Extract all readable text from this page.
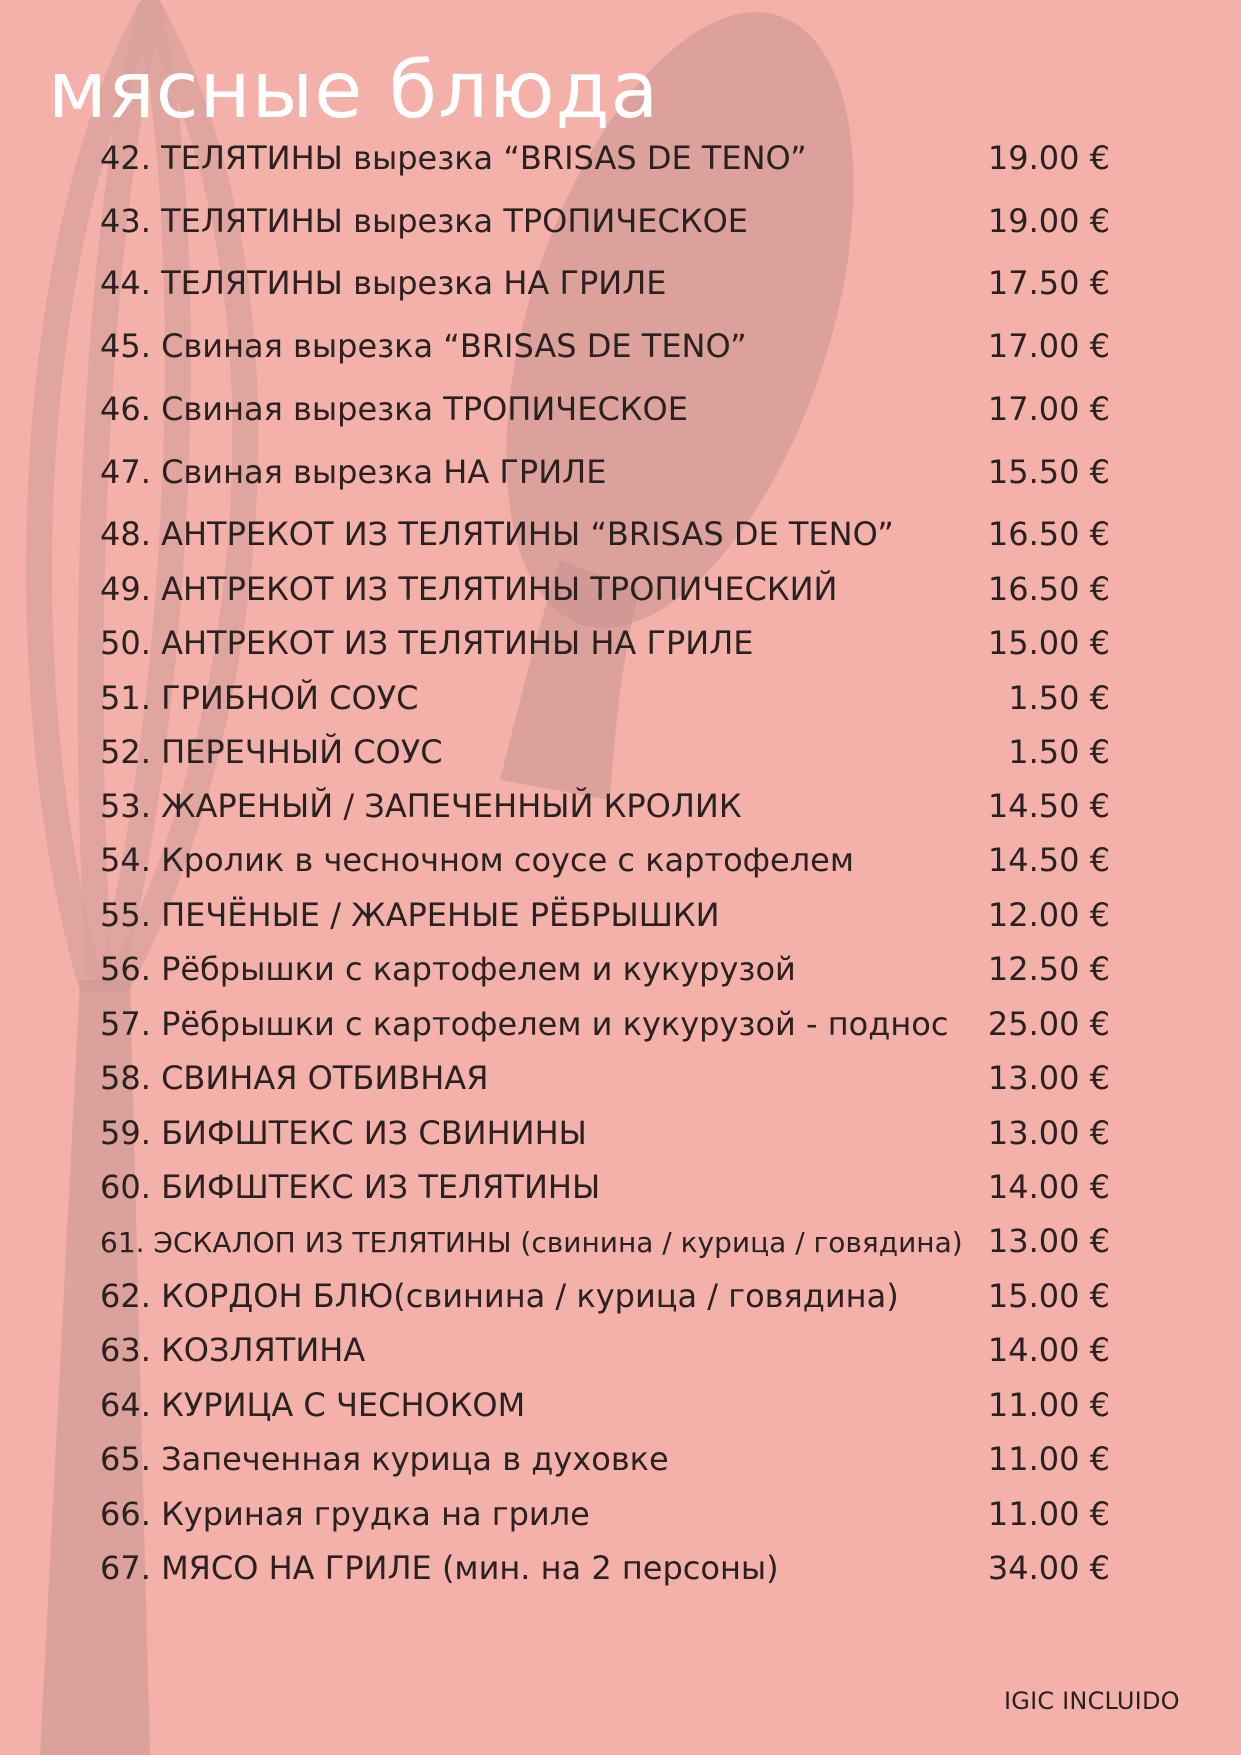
мясные блюда
42. ТЕЛЯТИНЫ вырезка “BRISAS DE TENO”	19.00 €
43. ТЕЛЯТИНЫ вырезка ТРОПИЧЕСКОЕ	19.00 €
44. ТЕЛЯТИНЫ вырезка НА ГРИЛЕ	17.50 €
45. Свиная вырезка “BRISAS DE TENO”	17.00 €
46. Свиная вырезка ТРОПИЧЕСКОЕ	17.00 €
47. Свиная вырезка НА ГРИЛЕ	15.50 €
48. АНТРЕКОТ ИЗ ТЕЛЯТИНЫ “BRISAS DE TENO”	16.50 €
49. АНТРЕКОТ ИЗ ТЕЛЯТИНЫ ТРОПИЧЕСКИЙ	16.50 €
50. АНТРЕКОТ ИЗ ТЕЛЯТИНЫ НА ГРИЛЕ	15.00 €
51. ГРИБНОЙ СОУС	1.50 €
52. ПЕРЕЧНЫЙ СОУС	1.50 €
53. ЖАРЕНЫЙ / ЗАПЕЧЕННЫЙ КРОЛИК	14.50 €
54. Кролик в чесночном соусе с картофелем	14.50 €
55. ПЕЧЁНЫЕ / ЖАРЕНЫЕ РЁБРЫШКИ	12.00 €
56. Рёбрышки с картофелем и кукурузой	12.50 €
57. Рёбрышки с картофелем и кукурузой - поднос	25.00 €
58. СВИНАЯ ОТБИВНАЯ	13.00 €
59. БИФШТЕКС ИЗ СВИНИНЫ	13.00 €
60. БИФШТЕКС ИЗ ТЕЛЯТИНЫ	14.00 €
61. ЭСКАЛОП ИЗ ТЕЛЯТИНЫ (свинина / курица / говядина) 13.00 €
62. КОРДОН БЛЮ(свинина / курица / говядина)	15.00 €
63. КОЗЛЯТИНА	14.00 €
64. КУРИЦА С ЧЕСНОКОМ	11.00 €
65. Запеченная курица в духовке	11.00 €
66. Куриная грудка на гриле	11.00 €
67. МЯСО НА ГРИЛЕ (мин. на 2 персоны)	34.00 €
IGIC INCLUIDO
